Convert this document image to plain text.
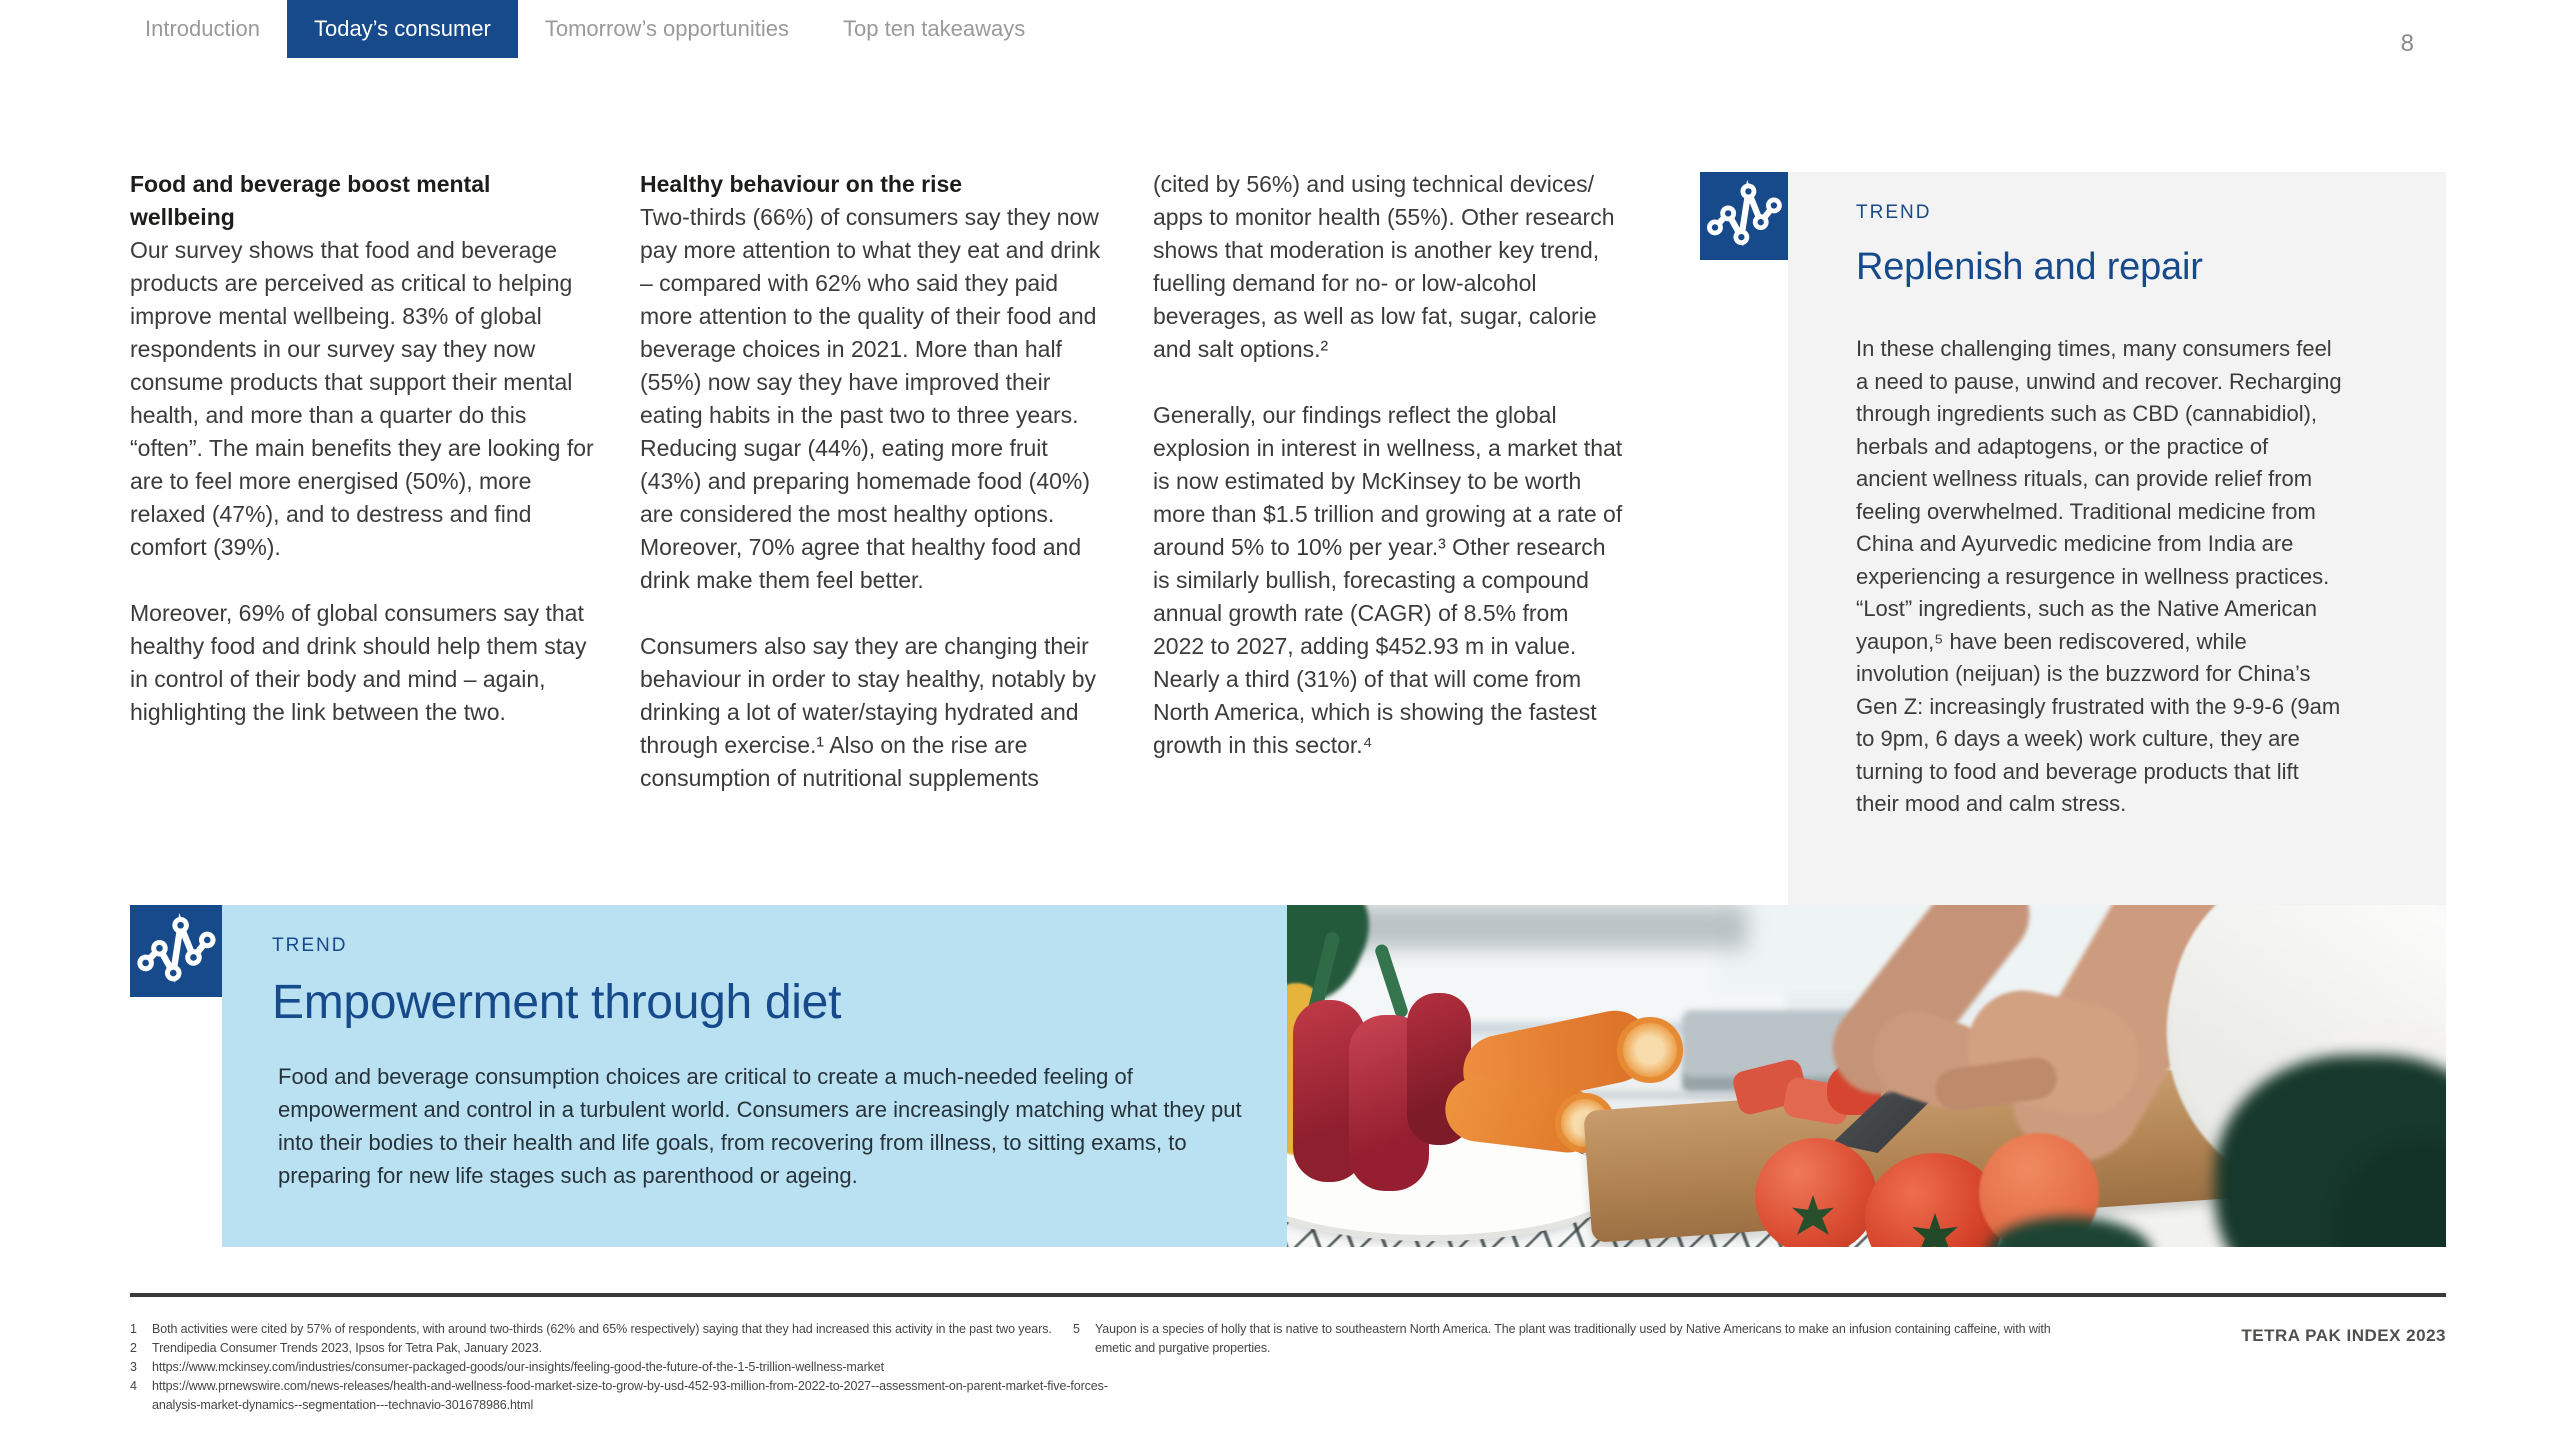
Introduction	Today’s consumer	Tomorrow’s opportunities	Top ten takeaways
8
Food and beverage boost mental wellbeing

Our survey shows that food and beverage products are perceived as critical to helping improve mental wellbeing. 83% of global respondents in our survey say they now consume products that support their mental health, and more than a quarter do this “often”. The main benefits they are looking for are to feel more energised (50%), more relaxed (47%), and to destress and find comfort (39%).

Moreover, 69% of global consumers say that healthy food and drink should help them stay in control of their body and mind – again, highlighting the link between the two.

Healthy behaviour on the rise

Two-thirds (66%) of consumers say they now pay more attention to what they eat and drink – compared with 62% who said they paid more attention to the quality of their food and beverage choices in 2021. More than half (55%) now say they have improved their eating habits in the past two to three years. Reducing sugar (44%), eating more fruit (43%) and preparing homemade food (40%) are considered the most healthy options. Moreover, 70% agree that healthy food and drink make them feel better.

Consumers also say they are changing their behaviour in order to stay healthy, notably by drinking a lot of water/staying hydrated and through exercise.¹ Also on the rise are consumption of nutritional supplements

(cited by 56%) and using technical devices/ apps to monitor health (55%). Other research shows that moderation is another key trend, fuelling demand for no- or low-alcohol beverages, as well as low fat, sugar, calorie and salt options.²

Generally, our findings reflect the global explosion in interest in wellness, a market that is now estimated by McKinsey to be worth more than $1.5 trillion and growing at a rate of around 5% to 10% per year.³ Other research is similarly bullish, forecasting a compound annual growth rate (CAGR) of 8.5% from 2022 to 2027, adding $452.93 m in value. Nearly a third (31%) of that will come from North America, which is showing the fastest growth in this sector.⁴

TREND
Replenish and repair
In these challenging times, many consumers feel a need to pause, unwind and recover. Recharging through ingredients such as CBD (cannabidiol), herbals and adaptogens, or the practice of ancient wellness rituals, can provide relief from feeling overwhelmed. Traditional medicine from China and Ayurvedic medicine from India are experiencing a resurgence in wellness practices. “Lost” ingredients, such as the Native American yaupon,⁵ have been rediscovered, while involution (neijuan) is the buzzword for China’s Gen Z: increasingly frustrated with the 9-9-6 (9am to 9pm, 6 days a week) work culture, they are turning to food and beverage products that lift their mood and calm stress.
TREND
Empowerment through diet
Food and beverage consumption choices are critical to create a much-needed feeling of empowerment and control in a turbulent world. Consumers are increasingly matching what they put into their bodies to their health and life goals, from recovering from illness, to sitting exams, to preparing for new life stages such as parenthood or ageing.
1	Both activities were cited by 57% of respondents, with around two-thirds (62% and 65% respectively) saying that they had increased this activity in the past two years.
2	Trendipedia Consumer Trends 2023, Ipsos for Tetra Pak, January 2023.
3	https://www.mckinsey.com/industries/consumer-packaged-goods/our-insights/feeling-good-the-future-of-the-1-5-trillion-wellness-market
4	https://www.prnewswire.com/news-releases/health-and-wellness-food-market-size-to-grow-by-usd-452-93-million-from-2022-to-2027--assessment-on-parent-market-five-forces-analysis-market-dynamics--segmentation---technavio-301678986.html
5	Yaupon is a species of holly that is native to southeastern North America. The plant was traditionally used by Native Americans to make an infusion containing caffeine, with with emetic and purgative properties.
TETRA PAK INDEX 2023
